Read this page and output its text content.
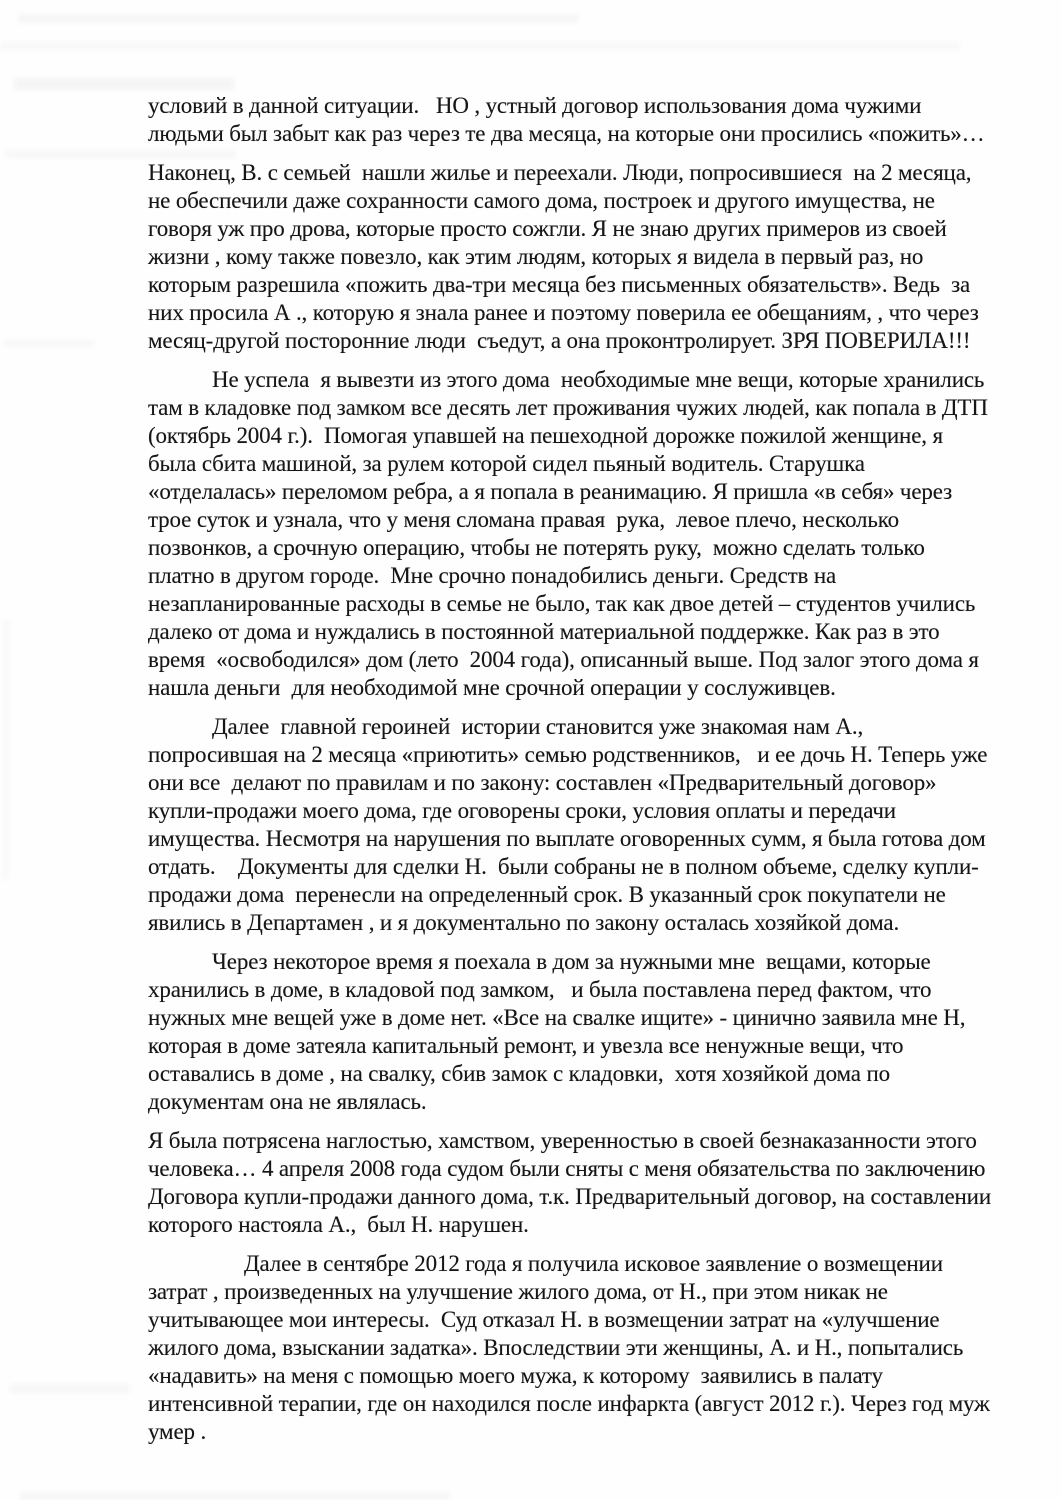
условий в данной ситуации.   НО , устный договор использования дома чужими людьми был забыт как раз через те два месяца, на которые они просились «пожить»…

Наконец, В. с семьей  нашли жилье и переехали. Люди, попросившиеся  на 2 месяца, не обеспечили даже сохранности самого дома, построек и другого имущества, не говоря уж про дрова, которые просто сожгли. Я не знаю других примеров из своей жизни , кому также повезло, как этим людям, которых я видела в первый раз, но которым разрешила «пожить два-три месяца без письменных обязательств». Ведь  за них просила А ., которую я знала ранее и поэтому поверила ее обещаниям, , что через месяц-другой посторонние люди  съедут, а она проконтролирует. ЗРЯ ПОВЕРИЛА!!!

Не успела  я вывезти из этого дома  необходимые мне вещи, которые хранились там в кладовке под замком все десять лет проживания чужих людей, как попала в ДТП (октябрь 2004 г.).  Помогая упавшей на пешеходной дорожке пожилой женщине, я была сбита машиной, за рулем которой сидел пьяный водитель. Старушка «отделалась» переломом ребра, а я попала в реанимацию. Я пришла «в себя» через трое суток и узнала, что у меня сломана правая  рука,  левое плечо, несколько позвонков, а срочную операцию, чтобы не потерять руку,  можно сделать только платно в другом городе.  Мне срочно понадобились деньги. Средств на незапланированные расходы в семье не было, так как двое детей – студентов учились далеко от дома и нуждались в постоянной материальной поддержке. Как раз в это время  «освободился» дом (лето  2004 года), описанный выше. Под залог этого дома я нашла деньги  для необходимой мне срочной операции у сослуживцев.

Далее  главной героиней  истории становится уже знакомая нам А., попросившая на 2 месяца «приютить» семью родственников,   и ее дочь Н. Теперь уже они все  делают по правилам и по закону: составлен «Предварительный договор» купли-продажи моего дома, где оговорены сроки, условия оплаты и передачи имущества. Несмотря на нарушения по выплате оговоренных сумм, я была готова дом отдать.    Документы для сделки Н.  были собраны не в полном объеме, сделку купли-продажи дома  перенесли на определенный срок. В указанный срок покупатели не явились в Департамен , и я документально по закону осталась хозяйкой дома.

Через некоторое время я поехала в дом за нужными мне  вещами, которые хранились в доме, в кладовой под замком,   и была поставлена перед фактом, что нужных мне вещей уже в доме нет. «Все на свалке ищите» - цинично заявила мне Н, которая в доме затеяла капитальный ремонт, и увезла все ненужные вещи, что оставались в доме , на свалку, сбив замок с кладовки,  хотя хозяйкой дома по документам она не являлась.

Я была потрясена наглостью, хамством, уверенностью в своей безнаказанности этого человека… 4 апреля 2008 года судом были сняты с меня обязательства по заключению Договора купли-продажи данного дома, т.к. Предварительный договор, на составлении которого настояла А.,  был Н. нарушен.

Далее в сентябре 2012 года я получила исковое заявление о возмещении затрат , произведенных на улучшение жилого дома, от Н., при этом никак не учитывающее мои интересы.  Суд отказал Н. в возмещении затрат на «улучшение жилого дома, взыскании задатка». Впоследствии эти женщины, А. и Н., попытались «надавить» на меня с помощью моего мужа, к которому  заявились в палату интенсивной терапии, где он находился после инфаркта (август 2012 г.). Через год муж умер .
